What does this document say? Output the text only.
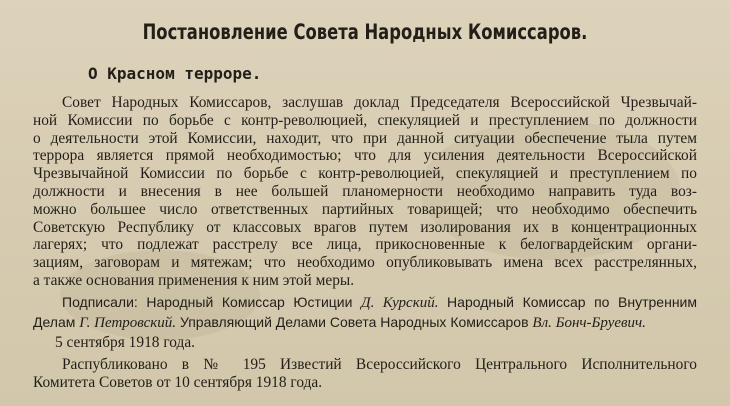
Постановление Совета Народных Комиссаров.
О Красном терроре.
Совет Народных Комиссаров, заслушав доклад Председателя Всероссийской Чрезвычай-
ной Комиссии по борьбе с контр-революцией, спекуляцией и преступлением по должности
о деятельности этой Комиссии, находит, что при данной ситуации обеспечение тыла путем
террора является прямой необходимостью; что для усиления деятельности Всероссийской
Чрезвычайной Комиссии по борьбе с контр-революцией, спекуляцией и преступлением по
должности и внесения в нее большей планомерности необходимо направить туда воз-
можно большее число ответственных партийных товарищей; что необходимо обеспечить
Советскую Республику от классовых врагов путем изолирования их в концентрационных
лагерях; что подлежат расстрелу все лица, прикосновенные к белогвардейским органи-
зациям, заговорам и мятежам; что необходимо опубликовывать имена всех расстрелянных,
а также основания применения к ним этой меры.
Подписали: Народный Комиссар Юстиции Д. Курский. Народный Комиссар по Внутренним
Делам Г. Петровский. Управляющий Делами Совета Народных Комиссаров Вл. Бонч-Бруевич.
5 сентября 1918 года.
Распубликовано в № 195 Известий Всероссийского Центрального Исполнительного
Комитета Советов от 10 сентября 1918 года.
